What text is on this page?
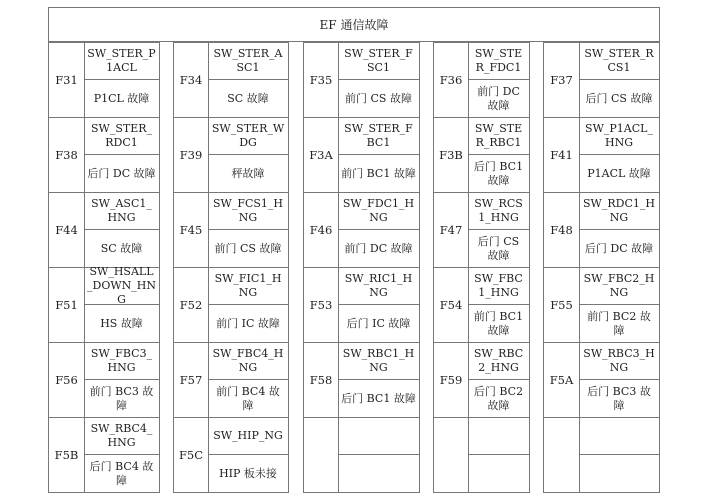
EF 通信故障
F31
SW_STER_P1ACL
P1CL 故障
F38
SW_STER_RDC1
后门 DC 故障
F44
SW_ASC1_HNG
SC 故障
F51
SW_HSALL_DOWN_HNG
HS 故障
F56
SW_FBC3_HNG
前门 BC3 故障
F5B
SW_RBC4_HNG
后门 BC4 故障
F34
SW_STER_ASC1
SC 故障
F39
SW_STER_WDG
秤故障
F45
SW_FCS1_HNG
前门 CS 故障
F52
SW_FIC1_HNG
前门 IC 故障
F57
SW_FBC4_HNG
前门 BC4 故障
F5C
SW_HIP_NG
HIP 板未接
F35
SW_STER_FSC1
前门 CS 故障
F3A
SW_STER_FBC1
前门 BC1 故障
F46
SW_FDC1_HNG
前门 DC 故障
F53
SW_RIC1_HNG
后门 IC 故障
F58
SW_RBC1_HNG
后门 BC1 故障
F36
SW_STER_FDC1
前门 DC 故障
F3B
SW_STER_RBC1
后门 BC1 故障
F47
SW_RCS1_HNG
后门 CS 故障
F54
SW_FBC1_HNG
前门 BC1 故障
F59
SW_RBC2_HNG
后门 BC2 故障
F37
SW_STER_RCS1
后门 CS 故障
F41
SW_P1ACL_HNG
P1ACL 故障
F48
SW_RDC1_HNG
后门 DC 故障
F55
SW_FBC2_HNG
前门 BC2 故障
F5A
SW_RBC3_HNG
后门 BC3 故障
